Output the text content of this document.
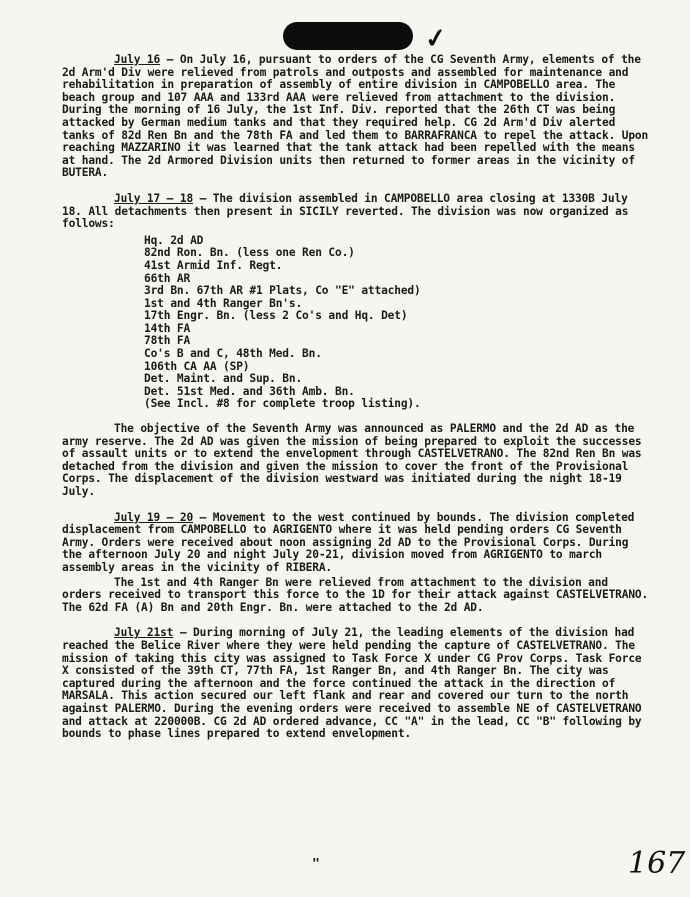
✓

July 16 – On July 16, pursuant to orders of the CG Seventh Army, elements of the 2d Arm'd Div were relieved from patrols and outposts and assembled for maintenance and rehabilitation in preparation of assembly of entire division in CAMPOBELLO area. The beach group and 107 AAA and 133rd AAA were relieved from attachment to the division. During the morning of 16 July, the 1st Inf. Div. reported that the 26th CT was being attacked by German medium tanks and that they required help. CG 2d Arm'd Div alerted tanks of 82d Ren Bn and the 78th FA and led them to BARRAFRANCA to repel the attack. Upon reaching MAZZARINO it was learned that the tank attack had been repelled with the means at hand. The 2d Armored Division units then returned to former areas in the vicinity of BUTERA.

July 17 – 18 – The division assembled in CAMPOBELLO area closing at 1330B July 18. All detachments then present in SICILY reverted. The division was now organized as follows:

Hq. 2d AD
82nd Ron. Bn. (less one Ren Co.)
41st Armid Inf. Regt.
66th AR
3rd Bn. 67th AR #1 Plats, Co "E" attached)
1st and 4th Ranger Bn's.
17th Engr. Bn. (less 2 Co's and Hq. Det)
14th FA
78th FA
Co's B and C, 48th Med. Bn.
106th CA AA (SP)
Det. Maint. and Sup. Bn.
Det. 51st Med. and 36th Amb. Bn.
(See Incl. #8 for complete troop listing).

The objective of the Seventh Army was announced as PALERMO and the 2d AD as the army reserve. The 2d AD was given the mission of being prepared to exploit the successes of assault units or to extend the envelopment through CASTELVETRANO. The 82nd Ren Bn was detached from the division and given the mission to cover the front of the Provisional Corps. The displacement of the division westward was initiated during the night 18-19 July.

July 19 – 20 – Movement to the west continued by bounds. The division completed displacement from CAMPOBELLO to AGRIGENTO where it was held pending orders CG Seventh Army. Orders were received about noon assigning 2d AD to the Provisional Corps. During the afternoon July 20 and night July 20-21, division moved from AGRIGENTO to march assembly areas in the vicinity of RIBERA.

The 1st and 4th Ranger Bn were relieved from attachment to the division and orders received to transport this force to the 1D for their attack against CASTELVETRANO. The 62d FA (A) Bn and 20th Engr. Bn. were attached to the 2d AD.

July 21st – During morning of July 21, the leading elements of the division had reached the Belice River where they were held pending the capture of CASTELVETRANO. The mission of taking this city was assigned to Task Force X under CG Prov Corps. Task Force X consisted of the 39th CT, 77th FA, 1st Ranger Bn, and 4th Ranger Bn. The city was captured during the afternoon and the force continued the attack in the direction of MARSALA. This action secured our left flank and rear and covered our turn to the north against PALERMO. During the evening orders were received to assemble NE of CASTELVETRANO and attack at 220000B. CG 2d AD ordered advance, CC "A" in the lead, CC "B" following by bounds to phase lines prepared to extend envelopment.

"	167
